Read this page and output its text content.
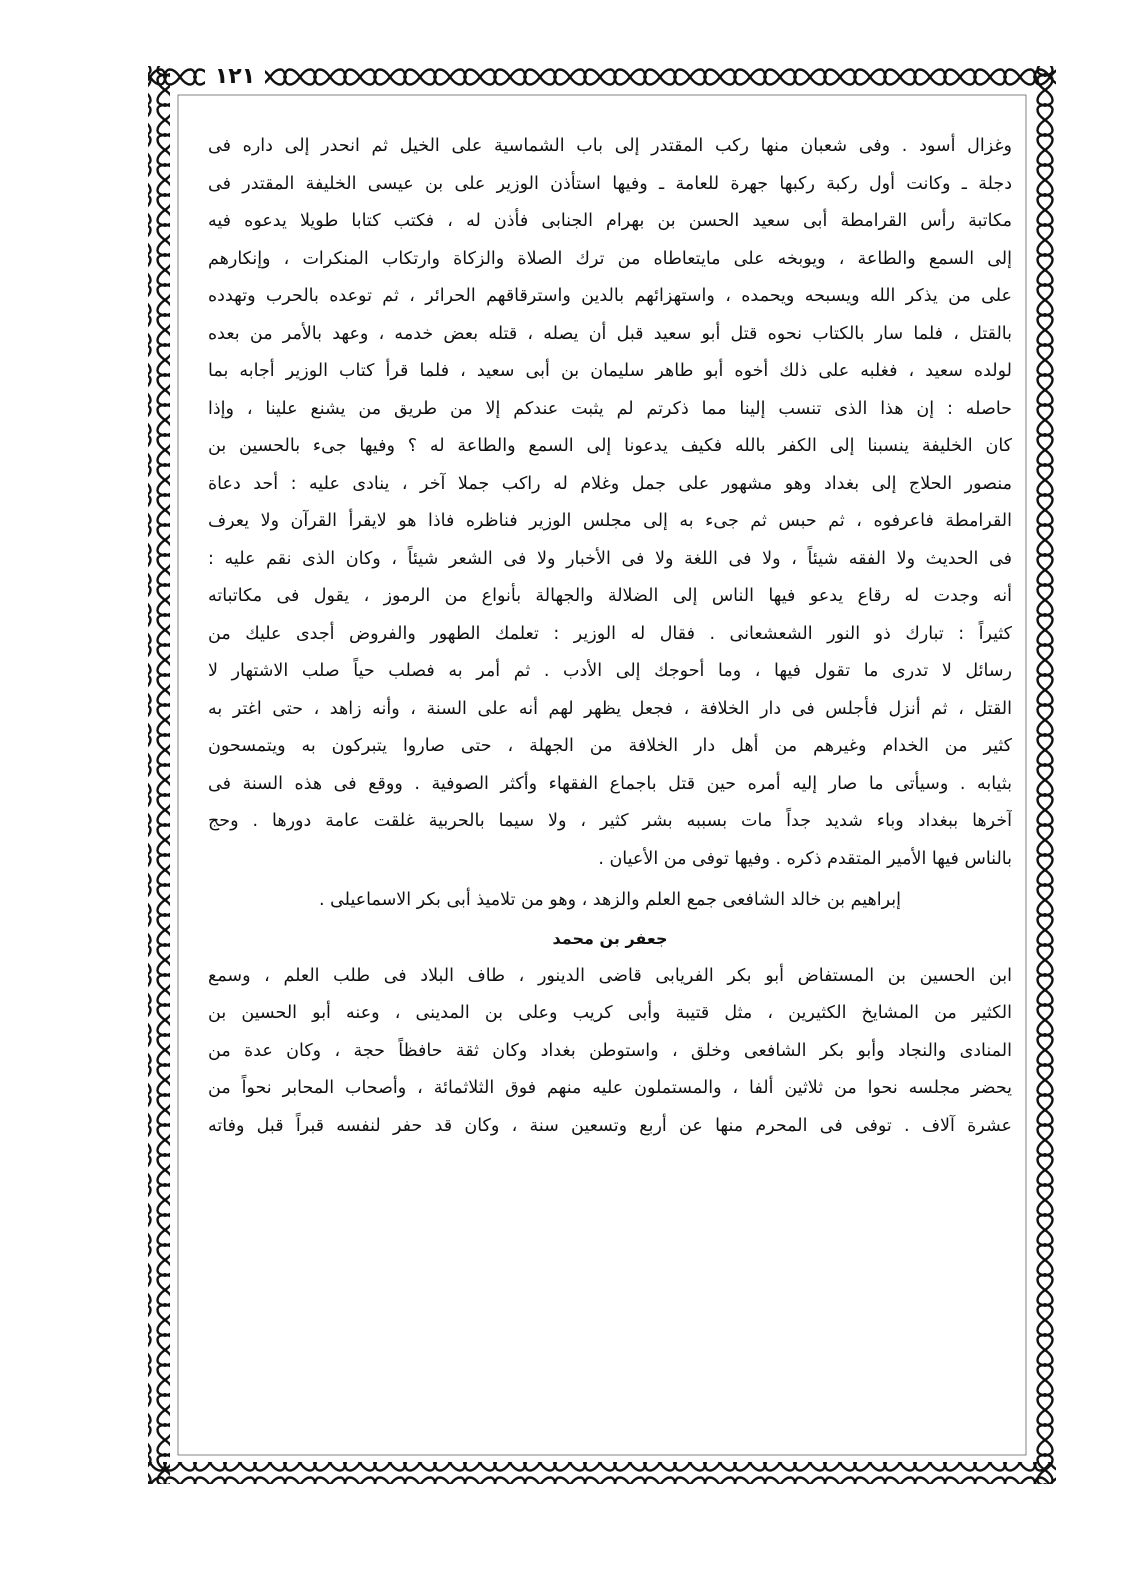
١٢١
وغزال أسود . وفى شعبان منها ركب المقتدر إلى باب الشماسية على الخيل ثم انحدر إلى داره فى
دجلة ـ وكانت أول ركبة ركبها جهرة للعامة ـ وفيها استأذن الوزير على بن عيسى الخليفة المقتدر فى
مكاتبة رأس القرامطة أبى سعيد الحسن بن بهرام الجنابى فأذن له ، فكتب كتابا طويلا يدعوه فيه
إلى السمع والطاعة ، ويوبخه على مايتعاطاه من ترك الصلاة والزكاة وارتكاب المنكرات ، وإنكارهم
على من يذكر الله ويسبحه ويحمده ، واستهزائهم بالدين واسترقاقهم الحرائر ، ثم توعده بالحرب وتهدده
بالقتل ، فلما سار بالكتاب نحوه قتل أبو سعيد قبل أن يصله ، قتله بعض خدمه ، وعهد بالأمر من بعده
لولده سعيد ، فغلبه على ذلك أخوه أبو طاهر سليمان بن أبى سعيد ، فلما قرأ كتاب الوزير أجابه بما
حاصله : إن هذا الذى تنسب إلينا مما ذكرتم لم يثبت عندكم إلا من طريق من يشنع علينا ، وإذا
كان الخليفة ينسبنا إلى الكفر بالله فكيف يدعونا إلى السمع والطاعة له ؟ وفيها جىء بالحسين بن
منصور الحلاج إلى بغداد وهو مشهور على جمل وغلام له راكب جملا آخر ، ينادى عليه : أحد دعاة
القرامطة فاعرفوه ، ثم حبس ثم جىء به إلى مجلس الوزير فناظره فاذا هو لايقرأ القرآن ولا يعرف
فى الحديث ولا الفقه شيئاً ، ولا فى اللغة ولا فى الأخبار ولا فى الشعر شيئاً ، وكان الذى نقم عليه :
أنه وجدت له رقاع يدعو فيها الناس إلى الضلالة والجهالة بأنواع من الرموز ، يقول فى مكاتباته
كثيراً : تبارك ذو النور الشعشعانى . فقال له الوزير : تعلمك الطهور والفروض أجدى عليك من
رسائل لا تدرى ما تقول فيها ، وما أحوجك إلى الأدب . ثم أمر به فصلب حياً صلب الاشتهار لا
القتل ، ثم أنزل فأجلس فى دار الخلافة ، فجعل يظهر لهم أنه على السنة ، وأنه زاهد ، حتى اغتر به
كثير من الخدام وغيرهم من أهل دار الخلافة من الجهلة ، حتى صاروا يتبركون به ويتمسحون
بثيابه . وسيأتى ما صار إليه أمره حين قتل باجماع الفقهاء وأكثر الصوفية . ووقع فى هذه السنة فى
آخرها ببغداد وباء شديد جداً مات بسببه بشر كثير ، ولا سيما بالحربية غلقت عامة دورها . وحج
بالناس فيها الأمير المتقدم ذكره . وفيها توفى من الأعيان .
إبراهيم بن خالد الشافعى جمع العلم والزهد ، وهو من تلاميذ أبى بكر الاسماعيلى .
جعفر بن محمد
ابن الحسين بن المستفاض أبو بكر الفريابى قاضى الدينور ، طاف البلاد فى طلب العلم ، وسمع
الكثير من المشايخ الكثيرين ، مثل قتيبة وأبى كريب وعلى بن المدينى ، وعنه أبو الحسين بن
المنادى والنجاد وأبو بكر الشافعى وخلق ، واستوطن بغداد وكان ثقة حافظاً حجة ، وكان عدة من
يحضر مجلسه نحوا من ثلاثين ألفا ، والمستملون عليه منهم فوق الثلاثمائة ، وأصحاب المحابر نحواً من
عشرة آلاف . توفى فى المحرم منها عن أربع وتسعين سنة ، وكان قد حفر لنفسه قبراً قبل وفاته
